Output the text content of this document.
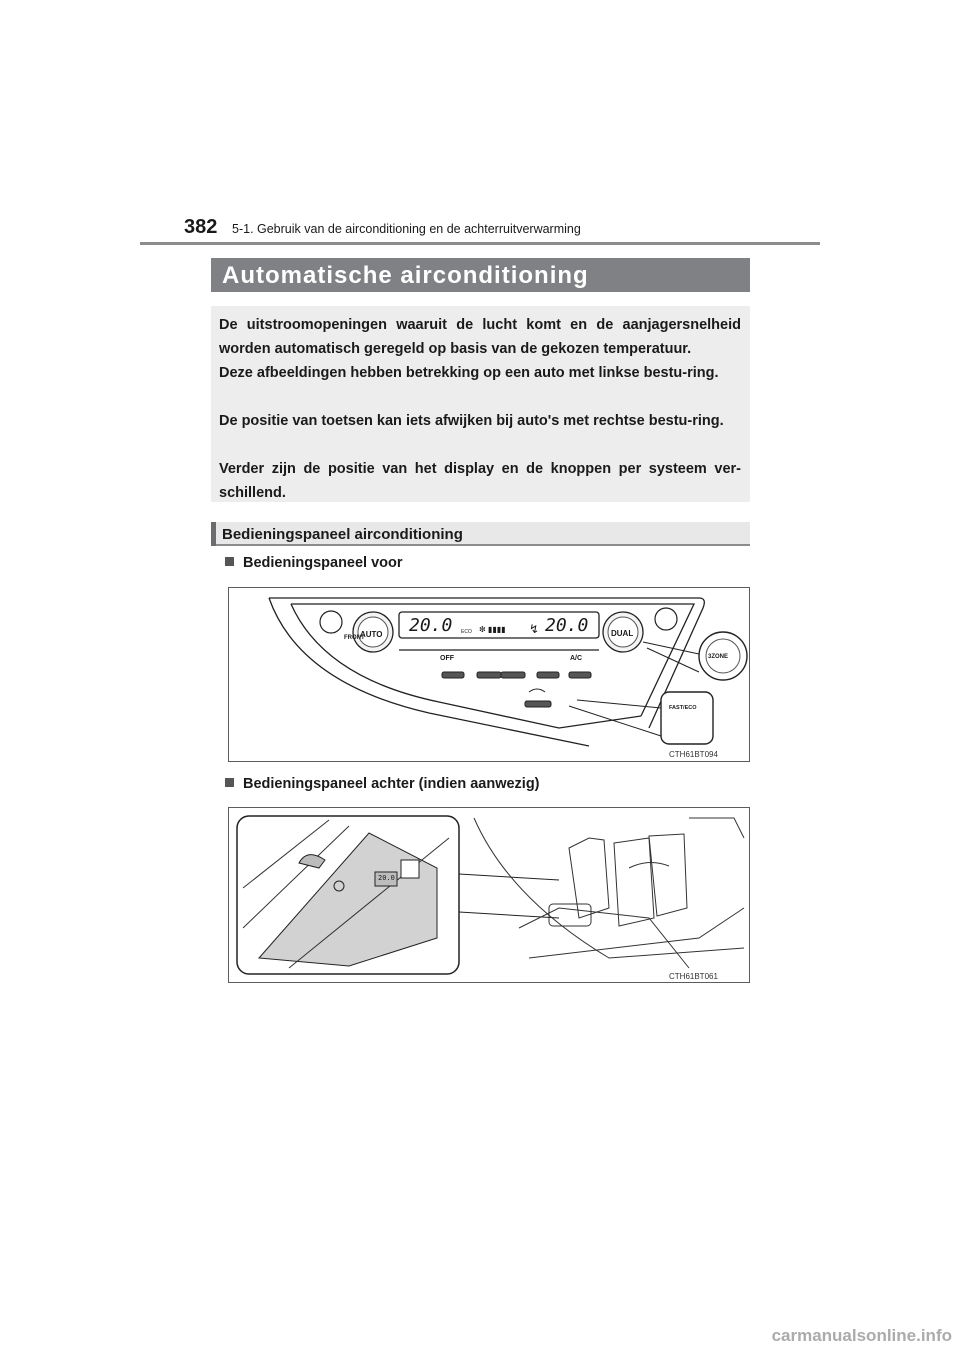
382 5-1. Gebruik van de airconditioning en de achterruitverwarming
Automatische airconditioning

De uitstroomopeningen waaruit de lucht komt en de aanjagersnelheid worden automatisch geregeld op basis van de gekozen temperatuur.

Deze afbeeldingen hebben betrekking op een auto met linkse bestu-ring.

De positie van toetsen kan iets afwijken bij auto's met rechtse bestu-ring.

Verder zijn de positie van het display en de knoppen per systeem ver-schillend.

Bedieningspaneel airconditioning
Bedieningspaneel voor
FRONT
AUTO 20.0 ECO ❇ ▮▮▮▮ ↯ 20.0	DUAL
OFF	A/C	3ZONE
FAST/ECO
CTH61BT094
Bedieningspaneel achter (indien aanwezig)
20.0
CTH61BT061
carmanualsonline.info
